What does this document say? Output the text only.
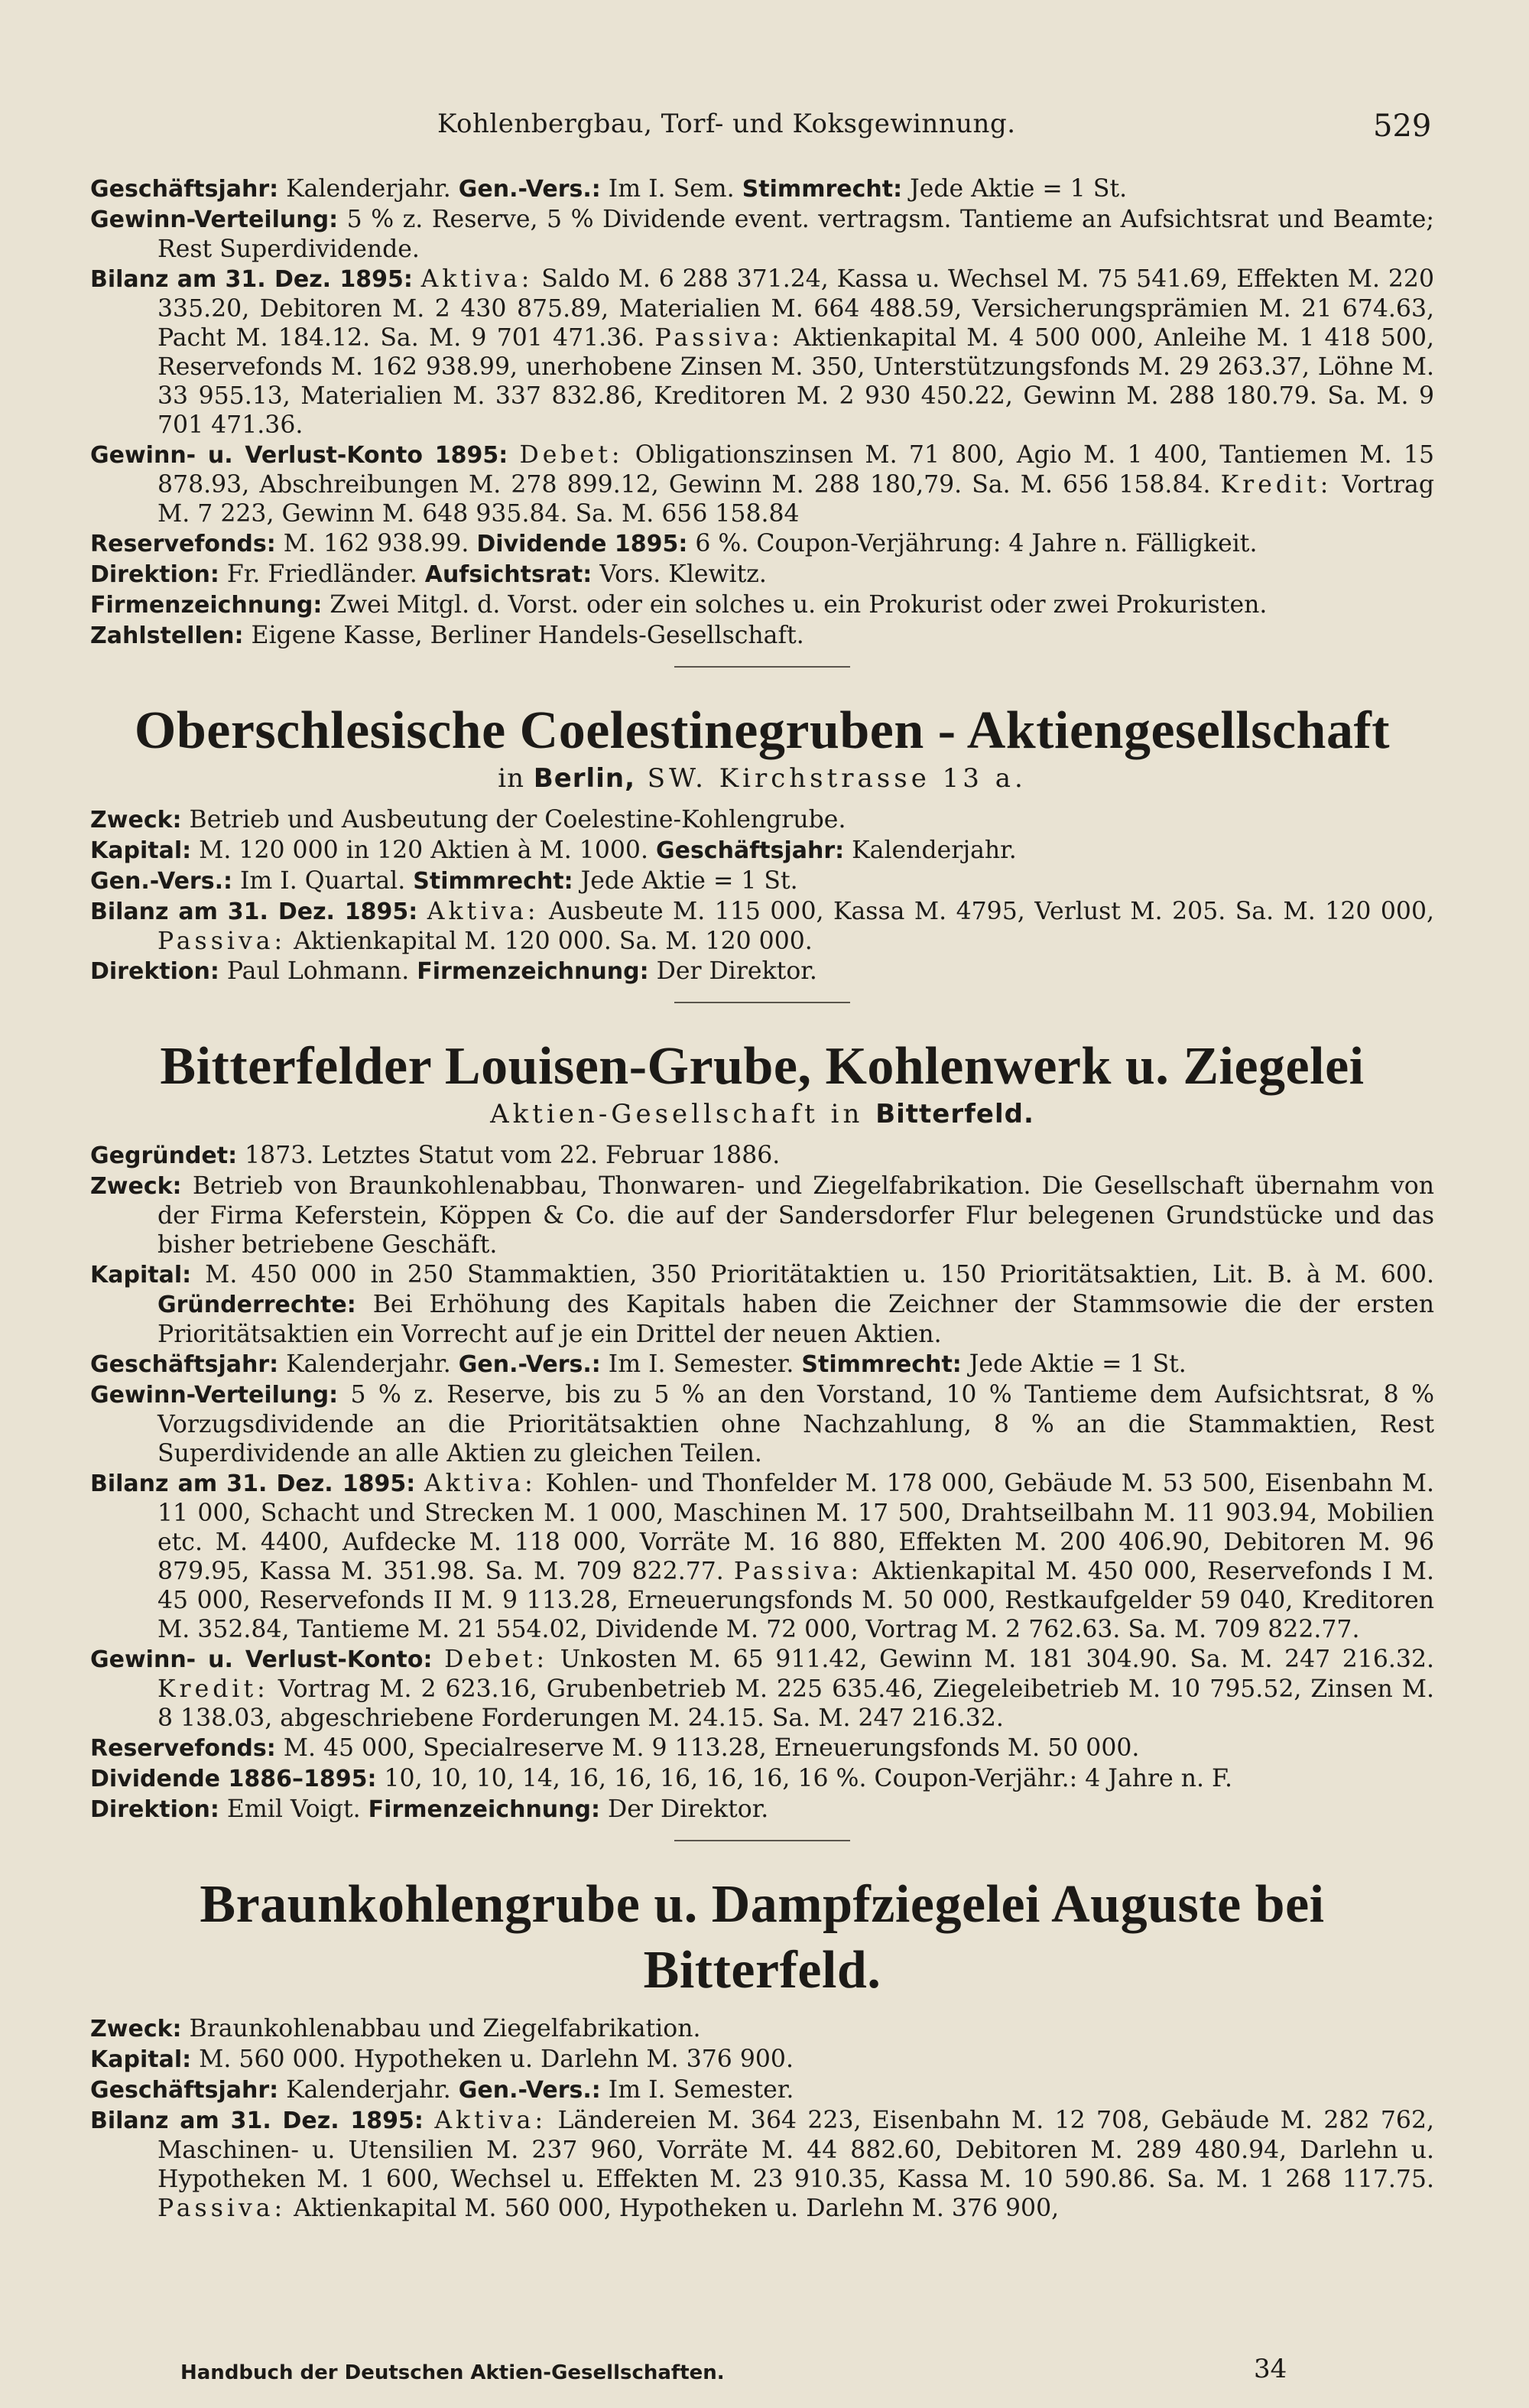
Kohlenbergbau, Torf- und Koksgewinnung.	529

Geschäftsjahr: Kalenderjahr. Gen.-Vers.: Im I. Sem. Stimmrecht: Jede Aktie = 1 St.

Gewinn-Verteilung: 5 % z. Reserve, 5 % Dividende event. vertragsm. Tantieme an Aufsichtsrat und Beamte; Rest Superdividende.

Bilanz am 31. Dez. 1895: Aktiva: Saldo M. 6 288 371.24, Kassa u. Wechsel M. 75 541.69, Effekten M. 220 335.20, Debitoren M. 2 430 875.89, Materialien M. 664 488.59, Versicherungsprämien M. 21 674.63, Pacht M. 184.12. Sa. M. 9 701 471.36. Passiva: Aktienkapital M. 4 500 000, Anleihe M. 1 418 500, Reservefonds M. 162 938.99, unerhobene Zinsen M. 350, Unterstützungsfonds M. 29 263.37, Löhne M. 33 955.13, Materialien M. 337 832.86, Kreditoren M. 2 930 450.22, Gewinn M. 288 180.79. Sa. M. 9 701 471.36.

Gewinn- u. Verlust-Konto 1895: Debet: Obligationszinsen M. 71 800, Agio M. 1 400, Tantiemen M. 15 878.93, Abschreibungen M. 278 899.12, Gewinn M. 288 180,79. Sa. M. 656 158.84. Kredit: Vortrag M. 7 223, Gewinn M. 648 935.84. Sa. M. 656 158.84

Reservefonds: M. 162 938.99. Dividende 1895: 6 %. Coupon-Verjährung: 4 Jahre n. Fälligkeit.

Direktion: Fr. Friedländer. Aufsichtsrat: Vors. Klewitz.

Firmenzeichnung: Zwei Mitgl. d. Vorst. oder ein solches u. ein Prokurist oder zwei Prokuristen.

Zahlstellen: Eigene Kasse, Berliner Handels-Gesellschaft.

Oberschlesische Coelestinegruben - Aktiengesellschaft

in Berlin, SW. Kirchstrasse 13 a.

Zweck: Betrieb und Ausbeutung der Coelestine-Kohlengrube.

Kapital: M. 120 000 in 120 Aktien à M. 1000. Geschäftsjahr: Kalenderjahr.

Gen.-Vers.: Im I. Quartal. Stimmrecht: Jede Aktie = 1 St.

Bilanz am 31. Dez. 1895: Aktiva: Ausbeute M. 115 000, Kassa M. 4795, Verlust M. 205. Sa. M. 120 000, Passiva: Aktienkapital M. 120 000. Sa. M. 120 000.

Direktion: Paul Lohmann. Firmenzeichnung: Der Direktor.

Bitterfelder Louisen-Grube, Kohlenwerk u. Ziegelei

Aktien-Gesellschaft in Bitterfeld.

Gegründet: 1873. Letztes Statut vom 22. Februar 1886.

Zweck: Betrieb von Braunkohlenabbau, Thonwaren- und Ziegelfabrikation. Die Gesellschaft übernahm von der Firma Keferstein, Köppen & Co. die auf der Sandersdorfer Flur belegenen Grundstücke und das bisher betriebene Geschäft.

Kapital: M. 450 000 in 250 Stammaktien, 350 Prioritätaktien u. 150 Prioritätsaktien, Lit. B. à M. 600. Gründerrechte: Bei Erhöhung des Kapitals haben die Zeichner der Stammsowie die der ersten Prioritätsaktien ein Vorrecht auf je ein Drittel der neuen Aktien.

Geschäftsjahr: Kalenderjahr. Gen.-Vers.: Im I. Semester. Stimmrecht: Jede Aktie = 1 St.

Gewinn-Verteilung: 5 % z. Reserve, bis zu 5 % an den Vorstand, 10 % Tantieme dem Aufsichtsrat, 8 % Vorzugsdividende an die Prioritätsaktien ohne Nachzahlung, 8 % an die Stammaktien, Rest Superdividende an alle Aktien zu gleichen Teilen.

Bilanz am 31. Dez. 1895: Aktiva: Kohlen- und Thonfelder M. 178 000, Gebäude M. 53 500, Eisenbahn M. 11 000, Schacht und Strecken M. 1 000, Maschinen M. 17 500, Drahtseilbahn M. 11 903.94, Mobilien etc. M. 4400, Aufdecke M. 118 000, Vorräte M. 16 880, Effekten M. 200 406.90, Debitoren M. 96 879.95, Kassa M. 351.98. Sa. M. 709 822.77. Passiva: Aktienkapital M. 450 000, Reservefonds I M. 45 000, Reservefonds II M. 9 113.28, Erneuerungsfonds M. 50 000, Restkaufgelder 59 040, Kreditoren M. 352.84, Tantieme M. 21 554.02, Dividende M. 72 000, Vortrag M. 2 762.63. Sa. M. 709 822.77.

Gewinn- u. Verlust-Konto: Debet: Unkosten M. 65 911.42, Gewinn M. 181 304.90. Sa. M. 247 216.32. Kredit: Vortrag M. 2 623.16, Grubenbetrieb M. 225 635.46, Ziegeleibetrieb M. 10 795.52, Zinsen M. 8 138.03, abgeschriebene Forderungen M. 24.15. Sa. M. 247 216.32.

Reservefonds: M. 45 000, Specialreserve M. 9 113.28, Erneuerungsfonds M. 50 000.

Dividende 1886–1895: 10, 10, 10, 14, 16, 16, 16, 16, 16, 16 %. Coupon-Verjähr.: 4 Jahre n. F.

Direktion: Emil Voigt. Firmenzeichnung: Der Direktor.

Braunkohlengrube u. Dampfziegelei Auguste bei Bitterfeld.

Zweck: Braunkohlenabbau und Ziegelfabrikation.

Kapital: M. 560 000. Hypotheken u. Darlehn M. 376 900.

Geschäftsjahr: Kalenderjahr. Gen.-Vers.: Im I. Semester.

Bilanz am 31. Dez. 1895: Aktiva: Ländereien M. 364 223, Eisenbahn M. 12 708, Gebäude M. 282 762, Maschinen- u. Utensilien M. 237 960, Vorräte M. 44 882.60, Debitoren M. 289 480.94, Darlehn u. Hypotheken M. 1 600, Wechsel u. Effekten M. 23 910.35, Kassa M. 10 590.86. Sa. M. 1 268 117.75. Passiva: Aktienkapital M. 560 000, Hypotheken u. Darlehn M. 376 900,

Handbuch der Deutschen Aktien-Gesellschaften.	34
